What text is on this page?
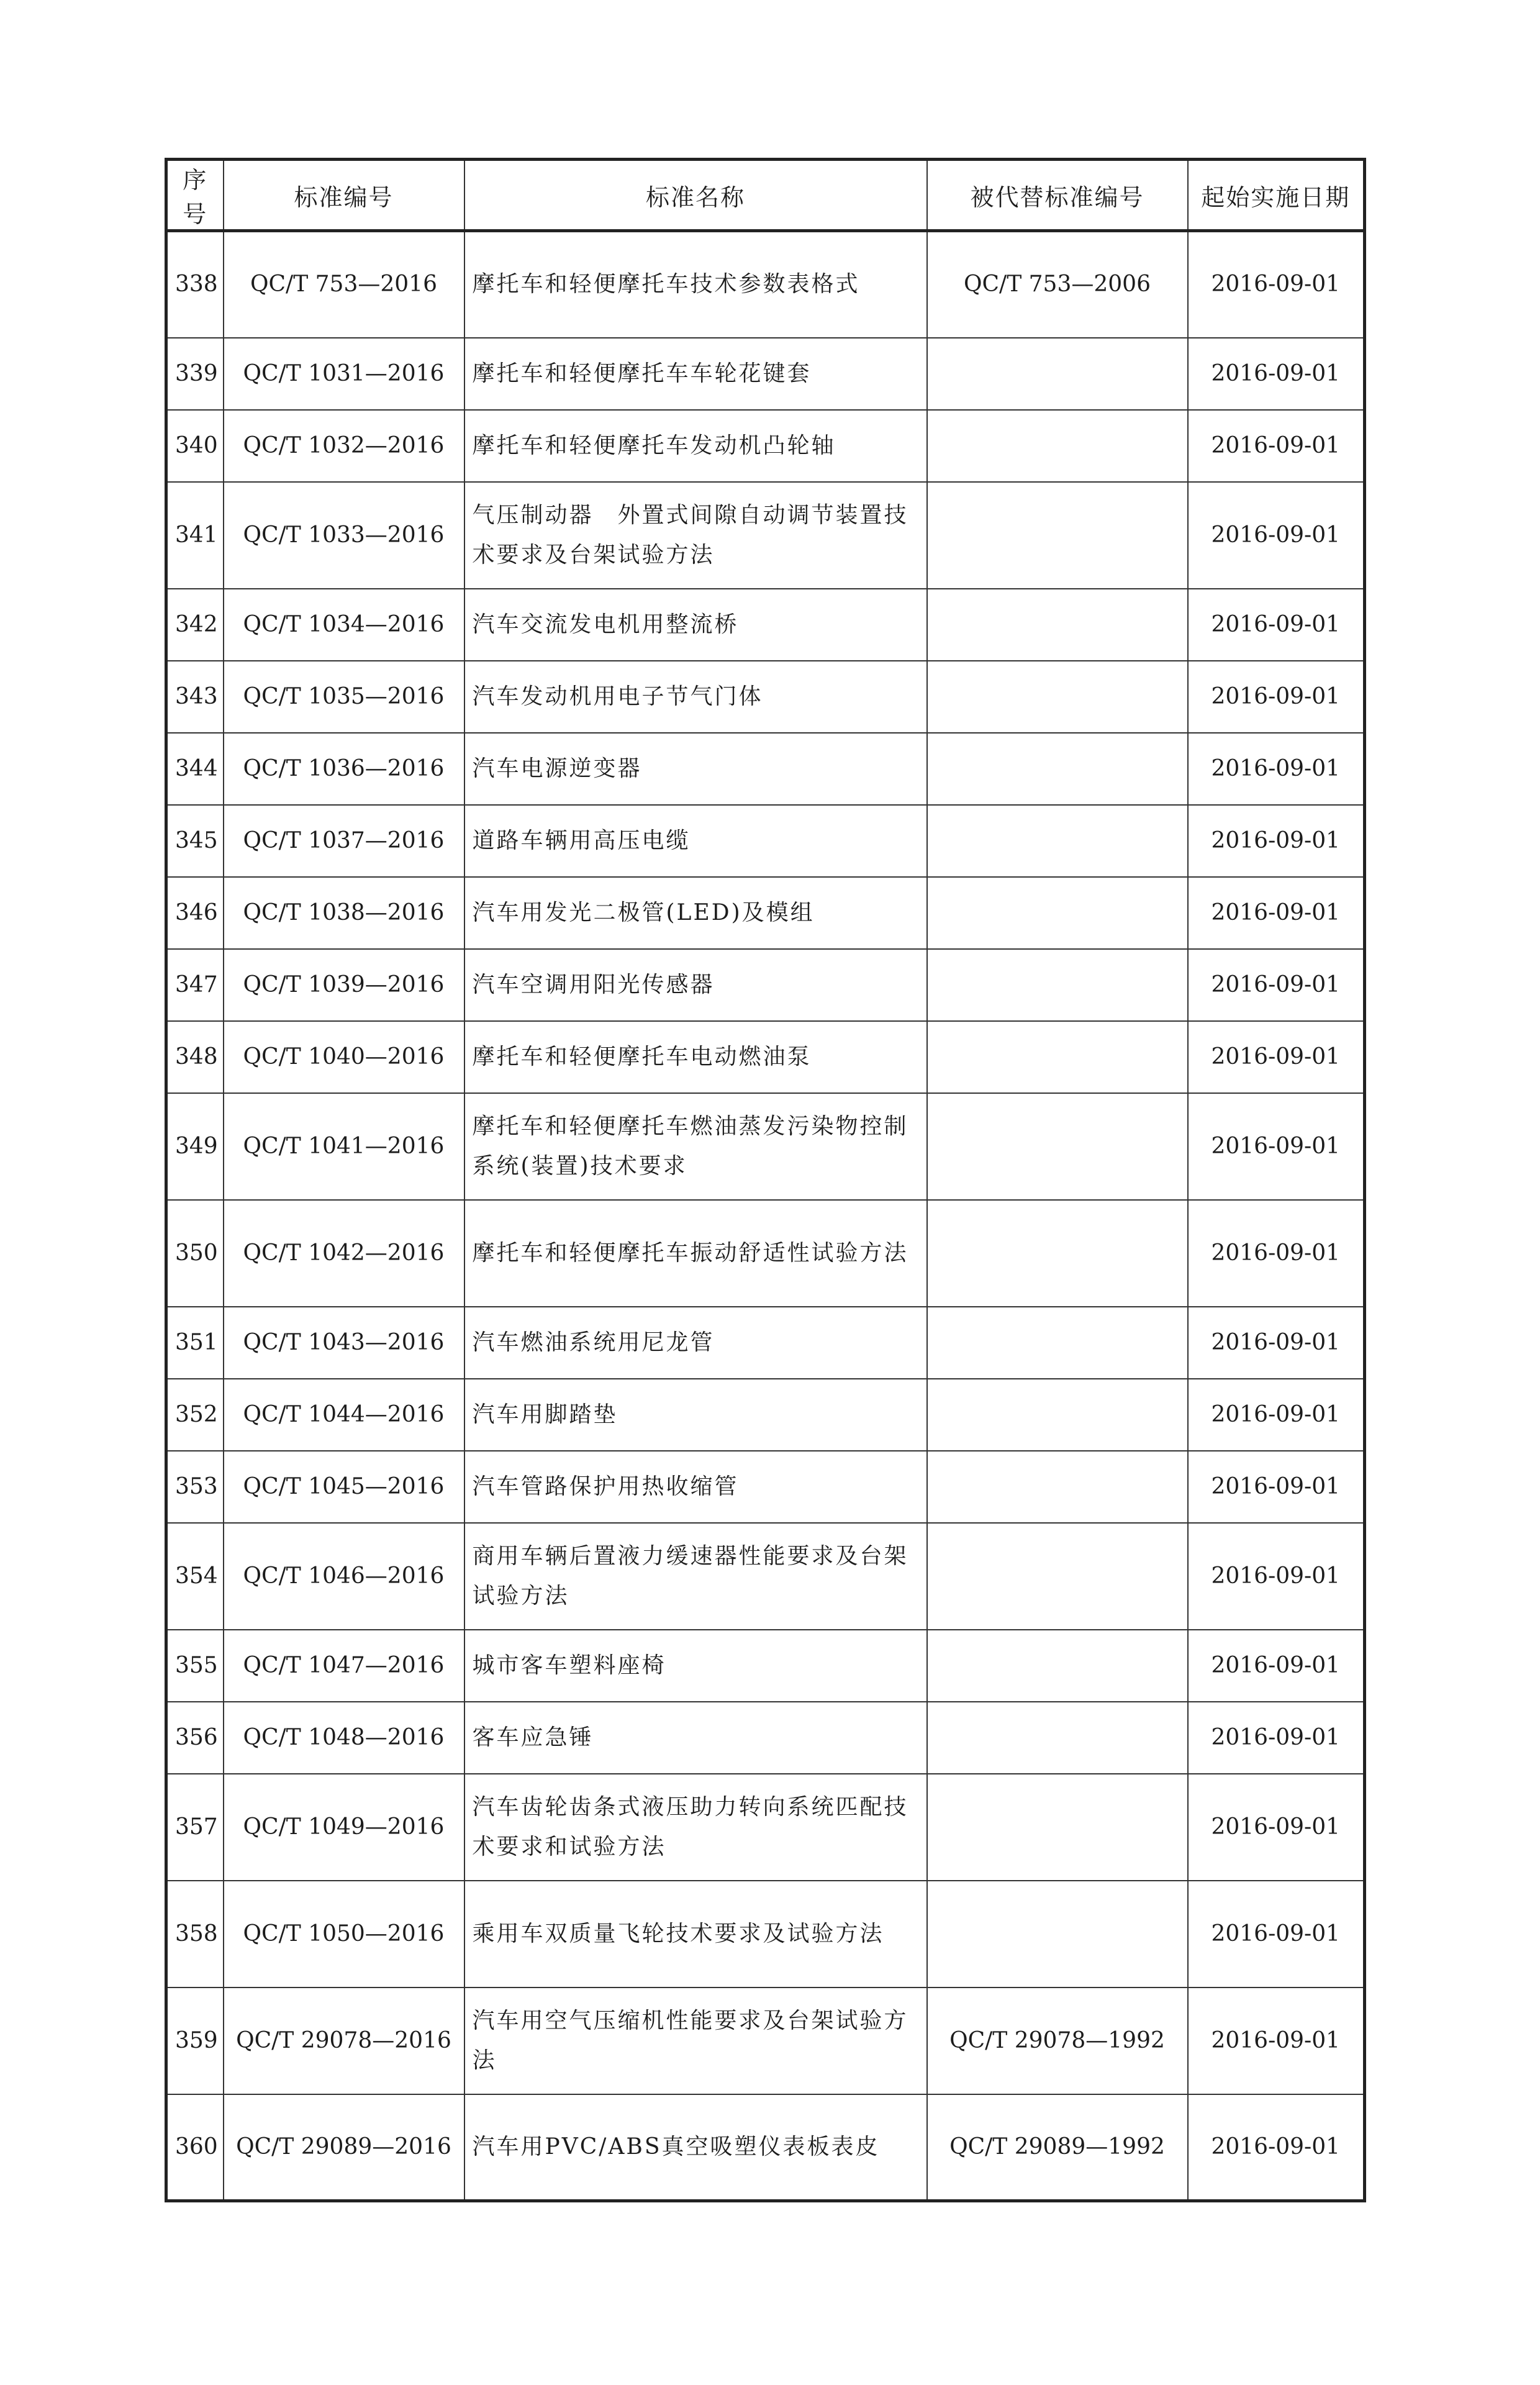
序号	标准编号	标准名称	被代替标准编号	起始实施日期
338	QC/T 753—2016	摩托车和轻便摩托车技术参数表格式	QC/T 753—2006	2016-09-01
339	QC/T 1031—2016	摩托车和轻便摩托车车轮花键套		2016-09-01
340	QC/T 1032—2016	摩托车和轻便摩托车发动机凸轮轴		2016-09-01
341	QC/T 1033—2016	气压制动器　外置式间隙自动调节装置技术要求及台架试验方法		2016-09-01
342	QC/T 1034—2016	汽车交流发电机用整流桥		2016-09-01
343	QC/T 1035—2016	汽车发动机用电子节气门体		2016-09-01
344	QC/T 1036—2016	汽车电源逆变器		2016-09-01
345	QC/T 1037—2016	道路车辆用高压电缆		2016-09-01
346	QC/T 1038—2016	汽车用发光二极管(LED)及模组		2016-09-01
347	QC/T 1039—2016	汽车空调用阳光传感器		2016-09-01
348	QC/T 1040—2016	摩托车和轻便摩托车电动燃油泵		2016-09-01
349	QC/T 1041—2016	摩托车和轻便摩托车燃油蒸发污染物控制系统(装置)技术要求		2016-09-01
350	QC/T 1042—2016	摩托车和轻便摩托车振动舒适性试验方法		2016-09-01
351	QC/T 1043—2016	汽车燃油系统用尼龙管		2016-09-01
352	QC/T 1044—2016	汽车用脚踏垫		2016-09-01
353	QC/T 1045—2016	汽车管路保护用热收缩管		2016-09-01
354	QC/T 1046—2016	商用车辆后置液力缓速器性能要求及台架试验方法		2016-09-01
355	QC/T 1047—2016	城市客车塑料座椅		2016-09-01
356	QC/T 1048—2016	客车应急锤		2016-09-01
357	QC/T 1049—2016	汽车齿轮齿条式液压助力转向系统匹配技术要求和试验方法		2016-09-01
358	QC/T 1050—2016	乘用车双质量飞轮技术要求及试验方法		2016-09-01
359	QC/T 29078—2016	汽车用空气压缩机性能要求及台架试验方法	QC/T 29078—1992	2016-09-01
360	QC/T 29089—2016	汽车用PVC/ABS真空吸塑仪表板表皮	QC/T 29089—1992	2016-09-01
